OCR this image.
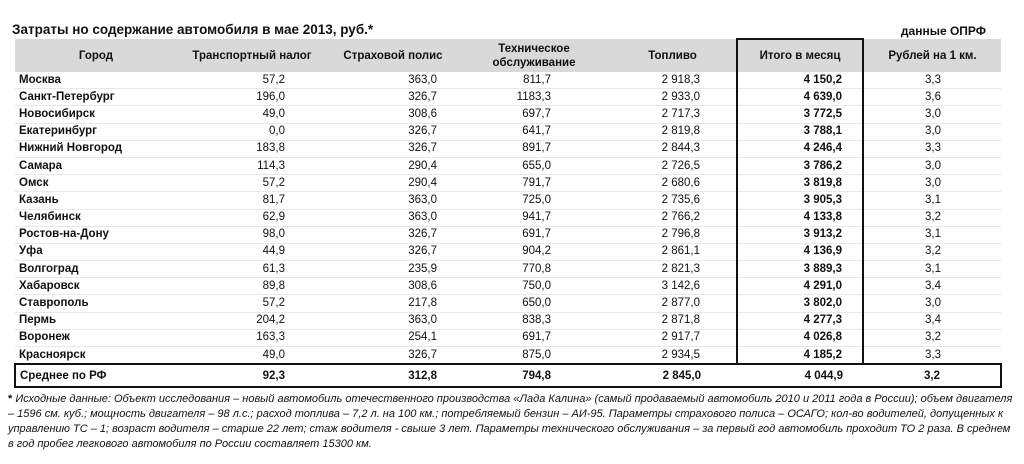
Затраты но содержание автомобиля в мае 2013, руб.*	данные ОПРФ
Город	Транспортный налог	Страховой полис	Техническое обслуживание	Топливо	Итого в месяц	Рублей на 1 км.
Москва	57,2	363,0	811,7	2 918,3	4 150,2	3,3
Санкт-Петербург	196,0	326,7	1183,3	2 933,0	4 639,0	3,6
Новосибирск	49,0	308,6	697,7	2 717,3	3 772,5	3,0
Екатеринбург	0,0	326,7	641,7	2 819,8	3 788,1	3,0
Нижний Новгород	183,8	326,7	891,7	2 844,3	4 246,4	3,3
Самара	114,3	290,4	655,0	2 726,5	3 786,2	3,0
Омск	57,2	290,4	791,7	2 680,6	3 819,8	3,0
Казань	81,7	363,0	725,0	2 735,6	3 905,3	3,1
Челябинск	62,9	363,0	941,7	2 766,2	4 133,8	3,2
Ростов-на-Дону	98,0	326,7	691,7	2 796,8	3 913,2	3,1
Уфа	44,9	326,7	904,2	2 861,1	4 136,9	3,2
Волгоград	61,3	235,9	770,8	2 821,3	3 889,3	3,1
Хабаровск	89,8	308,6	750,0	3 142,6	4 291,0	3,4
Ставрополь	57,2	217,8	650,0	2 877,0	3 802,0	3,0
Пермь	204,2	363,0	838,3	2 871,8	4 277,3	3,4
Воронеж	163,3	254,1	691,7	2 917,7	4 026,8	3,2
Красноярск	49,0	326,7	875,0	2 934,5	4 185,2	3,3
Среднее по РФ	92,3	312,8	794,8	2 845,0	4 044,9	3,2
* Исходные данные: Объект исследования – новый автомобиль отечественного производства «Лада Калина» (самый продаваемый автомобиль 2010 и 2011 года в России); объем двигателя – 1596 см. куб.; мощность двигателя – 98 л.с.; расход топлива – 7,2 л. на 100 км.; потребляемый бензин – АИ-95. Параметры страхового полиса – ОСАГО; кол-во водителей, допущенных к управлению ТС – 1; возраст водителя – старше 22 лет; стаж водителя - свыше 3 лет. Параметры технического обслуживания – за первый год автомобиль проходит ТО 2 раза. В среднем в год пробег легкового автомобиля по России составляет 15300 км.
